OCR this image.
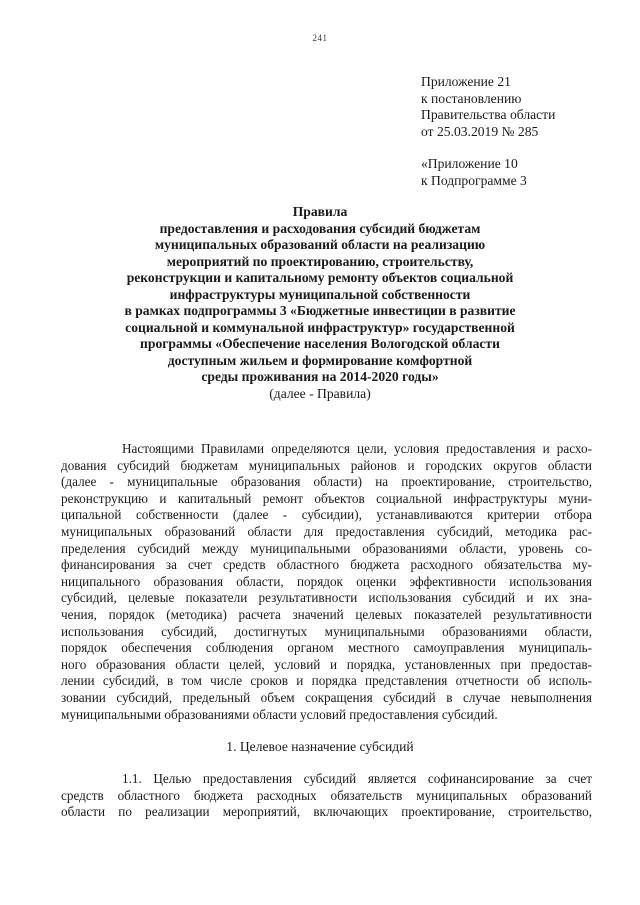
241
Приложение 21
к постановлению
Правительства области
от 25.03.2019 № 285
«Приложение 10
к Подпрограмме 3
Правила
предоставления и расходования субсидий бюджетам
муниципальных образований области на реализацию
мероприятий по проектированию, строительству,
реконструкции и капитальному ремонту объектов социальной
инфраструктуры муниципальной собственности
в рамках подпрограммы 3 «Бюджетные инвестиции в развитие
социальной и коммунальной инфраструктур» государственной
программы «Обеспечение населения Вологодской области
доступным жильем и формирование комфортной
среды проживания на 2014-2020 годы»
(далее - Правила)
Настоящими Правилами определяются цели, условия предоставления и расхо-
дования субсидий бюджетам муниципальных районов и городских округов области
(далее - муниципальные образования области) на проектирование, строительство,
реконструкцию и капитальный ремонт объектов социальной инфраструктуры муни-
ципальной собственности (далее - субсидии), устанавливаются критерии отбора
муниципальных образований области для предоставления субсидий, методика рас-
пределения субсидий между муниципальными образованиями области, уровень со-
финансирования за счет средств областного бюджета расходного обязательства му-
ниципального образования области, порядок оценки эффективности использования
субсидий, целевые показатели результативности использования субсидий и их зна-
чения, порядок (методика) расчета значений целевых показателей результативности
использования субсидий, достигнутых муниципальными образованиями области,
порядок обеспечения соблюдения органом местного самоуправления муниципаль-
ного образования области целей, условий и порядка, установленных при предостав-
лении субсидий, в том числе сроков и порядка представления отчетности об исполь-
зовании субсидий, предельный объем сокращения субсидий в случае невыполнения
муниципальными образованиями области условий предоставления субсидий.
1. Целевое назначение субсидий
1.1. Целью предоставления субсидий является софинансирование за счет
средств областного бюджета расходных обязательств муниципальных образований
области по реализации мероприятий, включающих проектирование, строительство,
